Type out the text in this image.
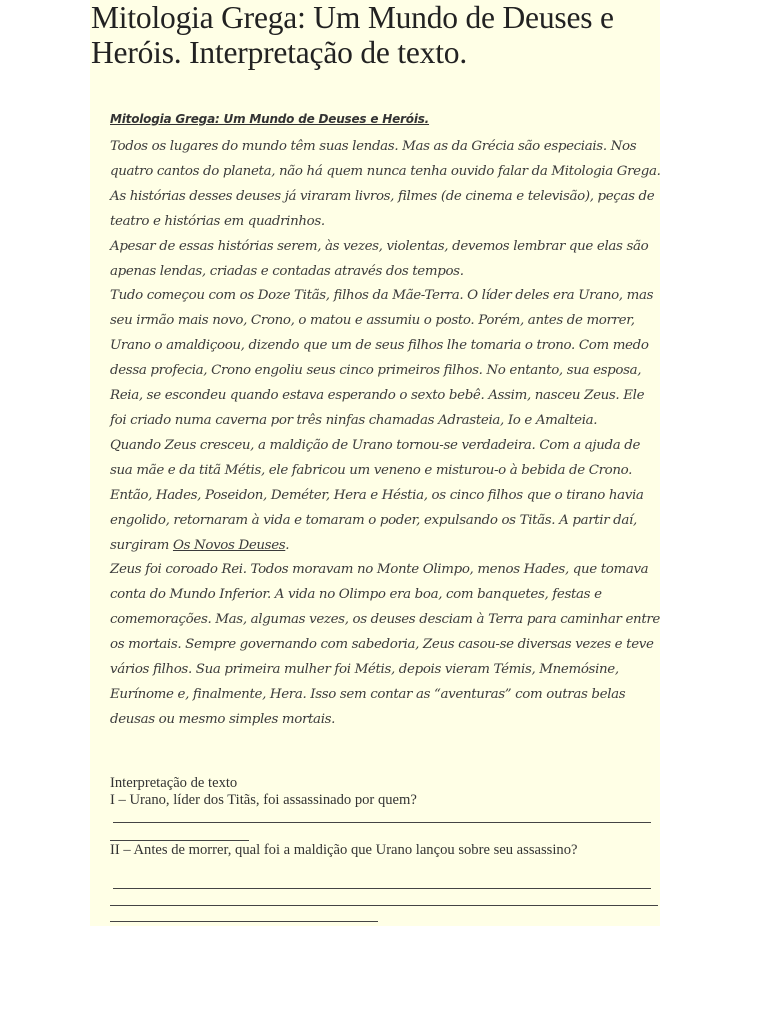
Mitologia Grega: Um Mundo de Deuses e Heróis. Interpretação de texto.
Mitologia Grega: Um Mundo de Deuses e Heróis.

Todos os lugares do mundo têm suas lendas. Mas as da Grécia são especiais. Nos quatro cantos do planeta, não há quem nunca tenha ouvido falar da Mitologia Grega. As histórias desses deuses já viraram livros, filmes (de cinema e televisão), peças de teatro e histórias em quadrinhos.

Apesar de essas histórias serem, às vezes, violentas, devemos lembrar que elas são apenas lendas, criadas e contadas através dos tempos.

Tudo começou com os Doze Titãs, filhos da Mãe-Terra. O líder deles era Urano, mas seu irmão mais novo, Crono, o matou e assumiu o posto. Porém, antes de morrer, Urano o amaldiçoou, dizendo que um de seus filhos lhe tomaria o trono. Com medo dessa profecia, Crono engoliu seus cinco primeiros filhos. No entanto, sua esposa, Reia, se escondeu quando estava esperando o sexto bebê. Assim, nasceu Zeus. Ele foi criado numa caverna por três ninfas chamadas Adrasteia, Io e Amalteia.

Quando Zeus cresceu, a maldição de Urano tornou-se verdadeira. Com a ajuda de sua mãe e da titã Métis, ele fabricou um veneno e misturou-o à bebida de Crono. Então, Hades, Poseidon, Deméter, Hera e Héstia, os cinco filhos que o tirano havia engolido, retornaram à vida e tomaram o poder, expulsando os Titãs. A partir daí, surgiram Os Novos Deuses.

Zeus foi coroado Rei. Todos moravam no Monte Olimpo, menos Hades, que tomava conta do Mundo Inferior. A vida no Olimpo era boa, com banquetes, festas e comemorações. Mas, algumas vezes, os deuses desciam à Terra para caminhar entre os mortais. Sempre governando com sabedoria, Zeus casou-se diversas vezes e teve vários filhos. Sua primeira mulher foi Métis, depois vieram Témis, Mnemósine, Eurínome e, finalmente, Hera. Isso sem contar as “aventuras” com outras belas deusas ou mesmo simples mortais.

Interpretação de texto
I – Urano, líder dos Titãs, foi assassinado por quem?
II – Antes de morrer, qual foi a maldição que Urano lançou sobre seu assassino?
